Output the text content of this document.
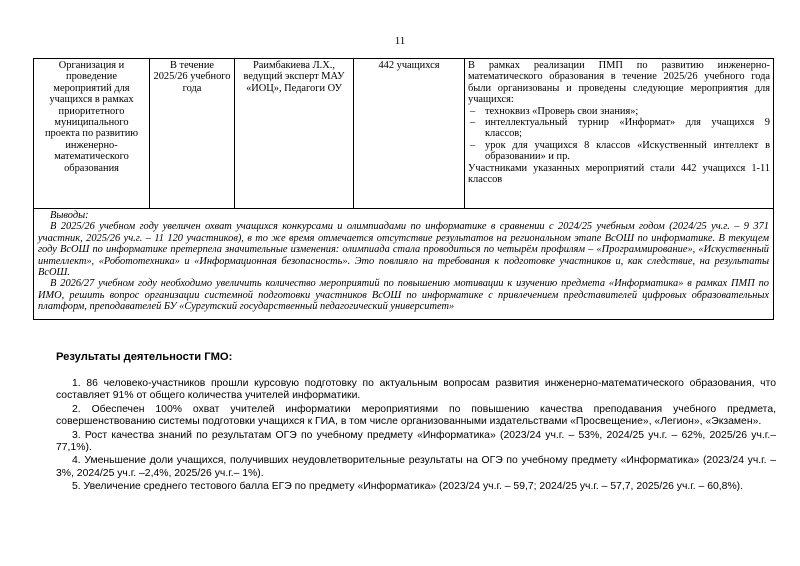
11
Организация и проведение мероприятий для учащихся в рамках приоритетного муниципального проекта по развитию инженерно-математического образования	В течение 2025/26 учебного года	Раимбакиева Л.Х., ведущий эксперт МАУ «ИОЦ», Педагоги ОУ	442 учащихся	В рамках реализации ПМП по развитию инженерно-математического образования в течение 2025/26 учебного года были организованы и проведены следующие мероприятия для учащихся:
– техноквиз «Проверь свои знания»;
– интеллектуальный турнир «Информат» для учащихся 9 классов;
– урок для учащихся 8 классов «Искуственный интеллект в образовании» и пр.
Участниками указанных мероприятий стали 442 учащихся 1-11 классов

Выводы:

В 2025/26 учебном году увеличен охват учащихся конкурсами и олимпиадами по информатике в сравнении с 2024/25 учебным годом (2024/25 уч.г. – 9 371 участник, 2025/26 уч.г. – 11 120 участников), в то же время отмечается отсутствие результатов на региональном этапе ВсОШ по информатике. В текущем году ВсОШ по информатике претерпела значительные изменения: олимпиада стала проводиться по четырём профилям – «Программирование», «Искуственный интеллект», «Робототехника» и «Информационная безопасность». Это повлияло на требования к подготовке участников и, как следствие, на результаты ВсОШ.

В 2026/27 учебном году необходимо увеличить количество мероприятий по повышению мотивации к изучению предмета «Информатика» в рамках ПМП по ИМО, решить вопрос организации системной подготовки участников ВсОШ по информатике с привлечением представителей цифровых образовательных платформ, преподавателей БУ «Сургутский государственный педагогический университет»

Результаты деятельности ГМО:

1. 86 человеко-участников прошли курсовую подготовку по актуальным вопросам развития инженерно-математического образования, что составляет 91% от общего количества учителей информатики.

2. Обеспечен 100% охват учителей информатики мероприятиями по повышению качества преподавания учебного предмета, совершенствованию системы подготовки учащихся к ГИА, в том числе организованными издательствами «Просвещение», «Легион», «Экзамен».

3. Рост качества знаний по результатам ОГЭ по учебному предмету «Информатика» (2023/24 уч.г. – 53%, 2024/25 уч.г. – 62%, 2025/26 уч.г.– 77,1%).

4. Уменьшение доли учащихся, получивших неудовлетворительные результаты на ОГЭ по учебному предмету «Информатика» (2023/24 уч.г. – 3%, 2024/25 уч.г. –2,4%, 2025/26 уч.г.– 1%).

5. Увеличение среднего тестового балла ЕГЭ по предмету «Информатика» (2023/24 уч.г. – 59,7; 2024/25 уч.г. – 57,7, 2025/26 уч.г. – 60,8%).
